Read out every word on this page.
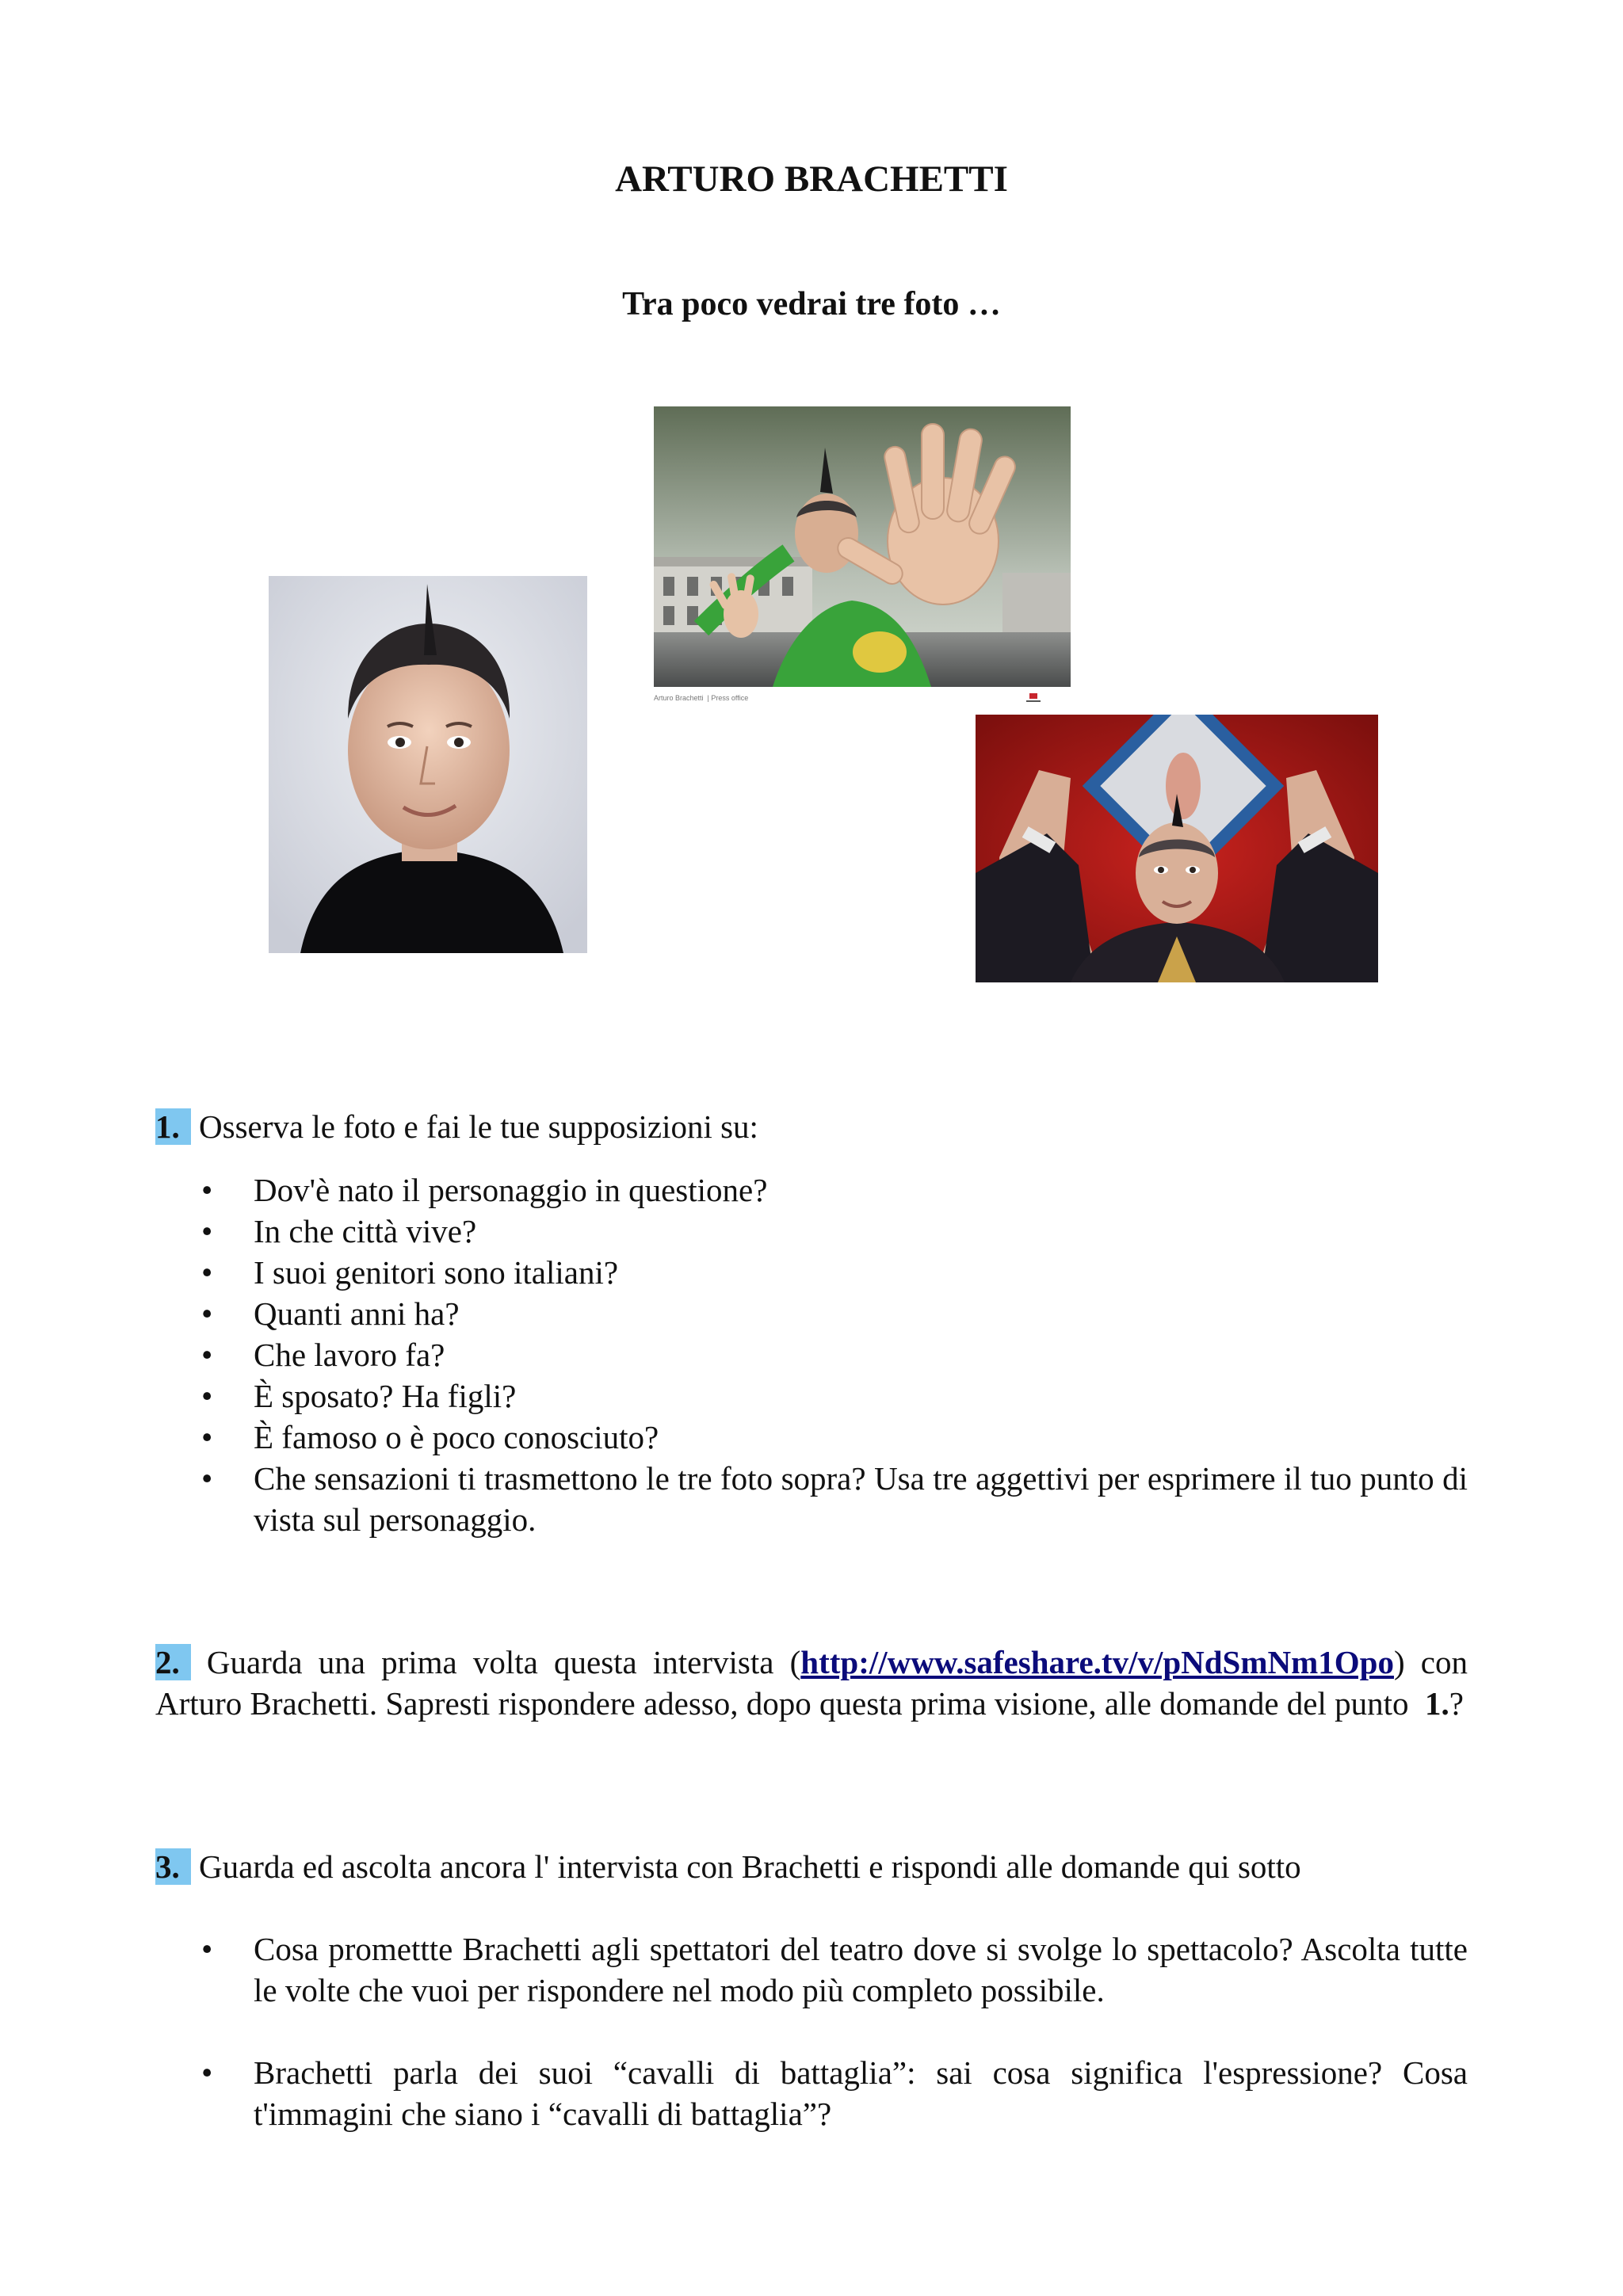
ARTURO BRACHETTI
Tra poco vedrai tre foto …
Arturo Brachetti  | Press office
1. Osserva le foto e fai le tue supposizioni su:
• Dov'è nato il personaggio in questione?
• In che città vive?
• I suoi genitori sono italiani?
• Quanti anni ha?
• Che lavoro fa?
• È sposato? Ha figli?
• È famoso o è poco conosciuto?
• Che sensazioni ti trasmettono le tre foto sopra? Usa tre aggettivi per esprimere il tuo punto di vista sul personaggio.
2. Guarda una prima volta questa intervista (http://www.safeshare.tv/v/pNdSmNm1Opo) con Arturo Brachetti. Sapresti rispondere adesso, dopo questa prima visione, alle domande del punto  1.?
3. Guarda ed ascolta ancora l' intervista con Brachetti e rispondi alle domande qui sotto
• Cosa promettte Brachetti agli spettatori del teatro dove si svolge lo spettacolo? Ascolta tutte le volte che vuoi per rispondere nel modo più completo possibile.
• Brachetti parla dei suoi “cavalli di battaglia”: sai cosa significa l'espressione? Cosa t'immagini che siano i “cavalli di battaglia”?
